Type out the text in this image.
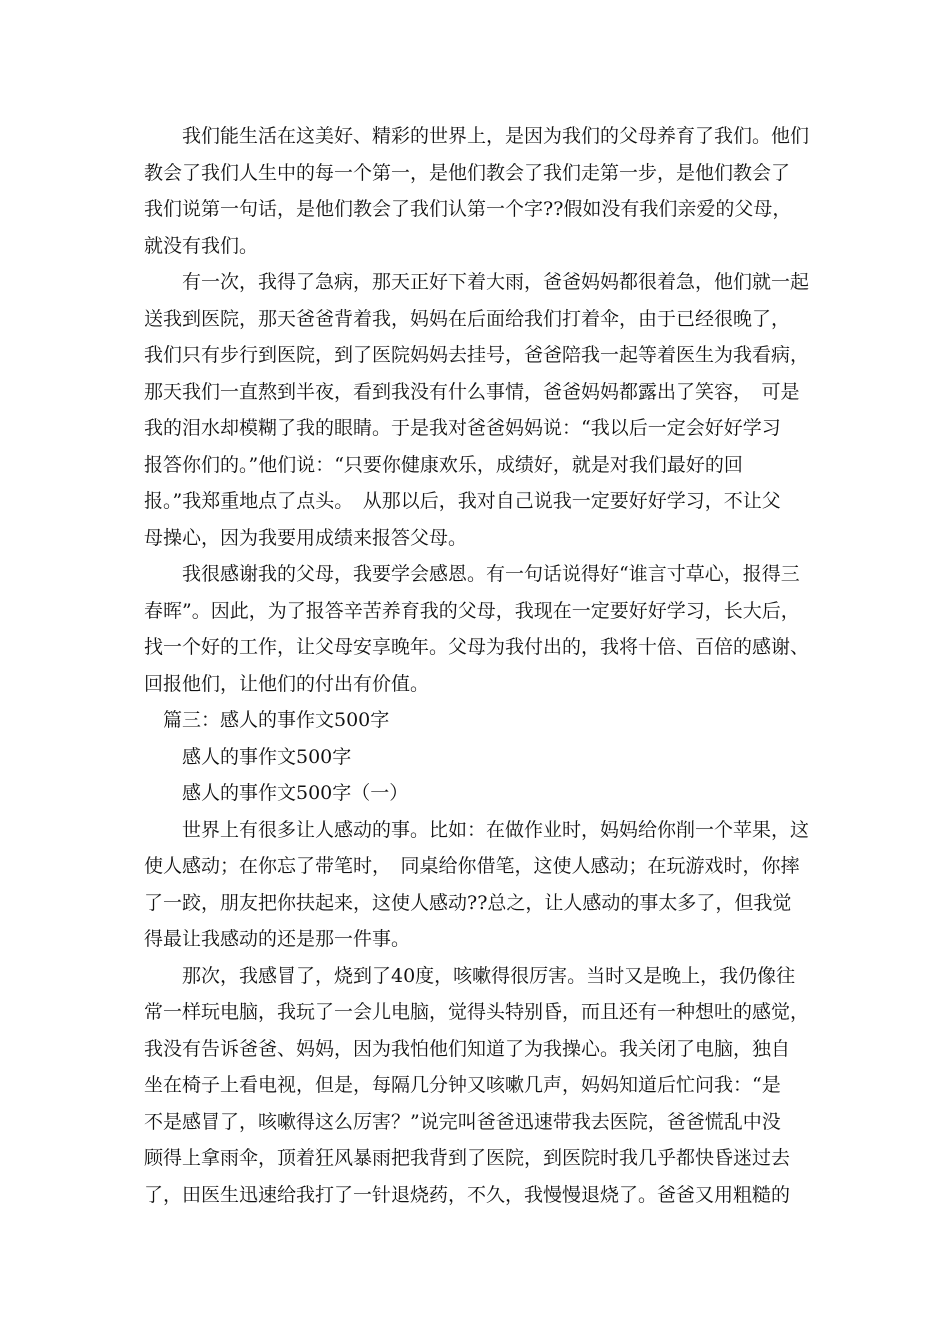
　　我们能生活在这美好、精彩的世界上，是因为我们的父母养育了我们。他们
教会了我们人生中的每一个第一，是他们教会了我们走第一步，是他们教会了
我们说第一句话，是他们教会了我们认第一个字??假如没有我们亲爱的父母，
就没有我们。
　　有一次，我得了急病，那天正好下着大雨，爸爸妈妈都很着急，他们就一起
送我到医院，那天爸爸背着我，妈妈在后面给我们打着伞，由于已经很晚了，
我们只有步行到医院，到了医院妈妈去挂号，爸爸陪我一起等着医生为我看病，
那天我们一直熬到半夜，看到我没有什么事情，爸爸妈妈都露出了笑容，　可是
我的泪水却模糊了我的眼睛。于是我对爸爸妈妈说：“我以后一定会好好学习
报答你们的。”他们说：“只要你健康欢乐，成绩好，就是对我们最好的回
报。”我郑重地点了点头。　从那以后，我对自己说我一定要好好学习，不让父
母操心，因为我要用成绩来报答父母。
　　我很感谢我的父母，我要学会感恩。有一句话说得好“谁言寸草心，报得三
春晖”。因此，为了报答辛苦养育我的父母，我现在一定要好好学习，长大后，
找一个好的工作，让父母安享晚年。父母为我付出的，我将十倍、百倍的感谢、
回报他们，让他们的付出有价值。
　篇三：感人的事作文500字
　　感人的事作文500字
　　感人的事作文500字（一）
　　世界上有很多让人感动的事。比如：在做作业时，妈妈给你削一个苹果，这
使人感动；在你忘了带笔时，　同桌给你借笔，这使人感动；在玩游戏时，你摔
了一跤，朋友把你扶起来，这使人感动??总之，让人感动的事太多了，但我觉
得最让我感动的还是那一件事。
　　那次，我感冒了，烧到了40度，咳嗽得很厉害。当时又是晚上，我仍像往
常一样玩电脑，我玩了一会儿电脑，觉得头特别昏，而且还有一种想吐的感觉，
我没有告诉爸爸、妈妈，因为我怕他们知道了为我操心。我关闭了电脑，独自
坐在椅子上看电视，但是，每隔几分钟又咳嗽几声，妈妈知道后忙问我：“是
不是感冒了，咳嗽得这么厉害？”说完叫爸爸迅速带我去医院，爸爸慌乱中没
顾得上拿雨伞，顶着狂风暴雨把我背到了医院，到医院时我几乎都快昏迷过去
了，田医生迅速给我打了一针退烧药，不久，我慢慢退烧了。爸爸又用粗糙的
